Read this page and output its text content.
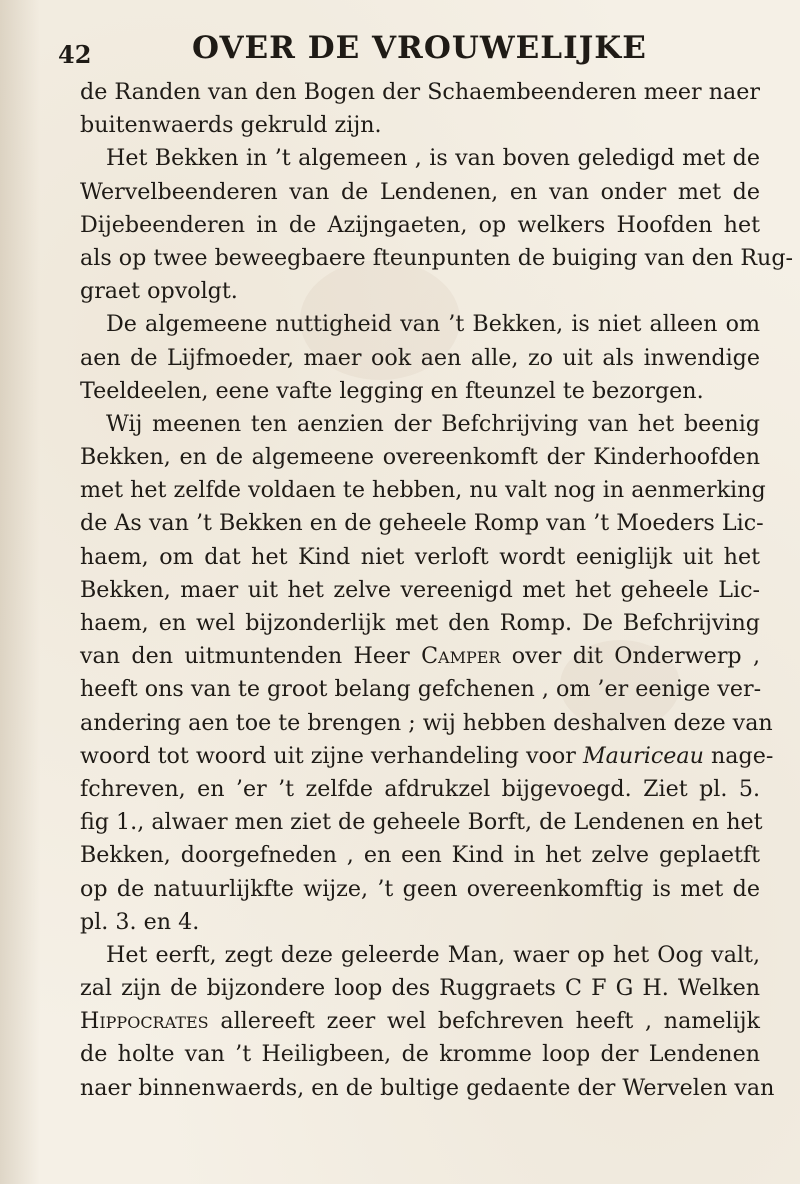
42	OVER DE VROUWELIJKE
de Randen van den Bogen der Schaembeenderen meer naer
buitenwaerds gekruld zijn.
Het Bekken in ’t algemeen , is van boven geledigd met de
Wervelbeenderen van de Lendenen, en van onder met de
Dijebeenderen in de Azijngaeten, op welkers Hoofden het
als op twee beweegbaere fteunpunten de buiging van den Rug-
graet opvolgt.
De algemeene nuttigheid van ’t Bekken, is niet alleen om
aen de Lijfmoeder, maer ook aen alle, zo uit als inwendige
Teeldeelen, eene vafte legging en fteunzel te bezorgen.
Wij meenen ten aenzien der Befchrijving van het beenig
Bekken, en de algemeene overeenkomft der Kinderhoofden
met het zelfde voldaen te hebben, nu valt nog in aenmerking
de As van ’t Bekken en de geheele Romp van ’t Moeders Lic-
haem, om dat het Kind niet verloft wordt eeniglijk uit het
Bekken, maer uit het zelve vereenigd met het geheele Lic-
haem, en wel bijzonderlijk met den Romp. De Befchrijving
van den uitmuntenden Heer Camper over dit Onderwerp ,
heeft ons van te groot belang gefchenen , om ’er eenige ver-
andering aen toe te brengen ; wij hebben deshalven deze van
woord tot woord uit zijne verhandeling voor Mauriceau nage-
fchreven, en ’er ’t zelfde afdrukzel bijgevoegd. Ziet pl. 5.
fig 1., alwaer men ziet de geheele Borft, de Lendenen en het
Bekken, doorgefneden , en een Kind in het zelve geplaetft
op de natuurlijkfte wijze, ’t geen overeenkomftig is met de
pl. 3. en 4.
Het eerft, zegt deze geleerde Man, waer op het Oog valt,
zal zijn de bijzondere loop des Ruggraets C F G H. Welken
Hippocrates allereeft zeer wel befchreven heeft , namelijk
de holte van ’t Heiligbeen, de kromme loop der Lendenen
naer binnenwaerds, en de bultige gedaente der Wervelen van
